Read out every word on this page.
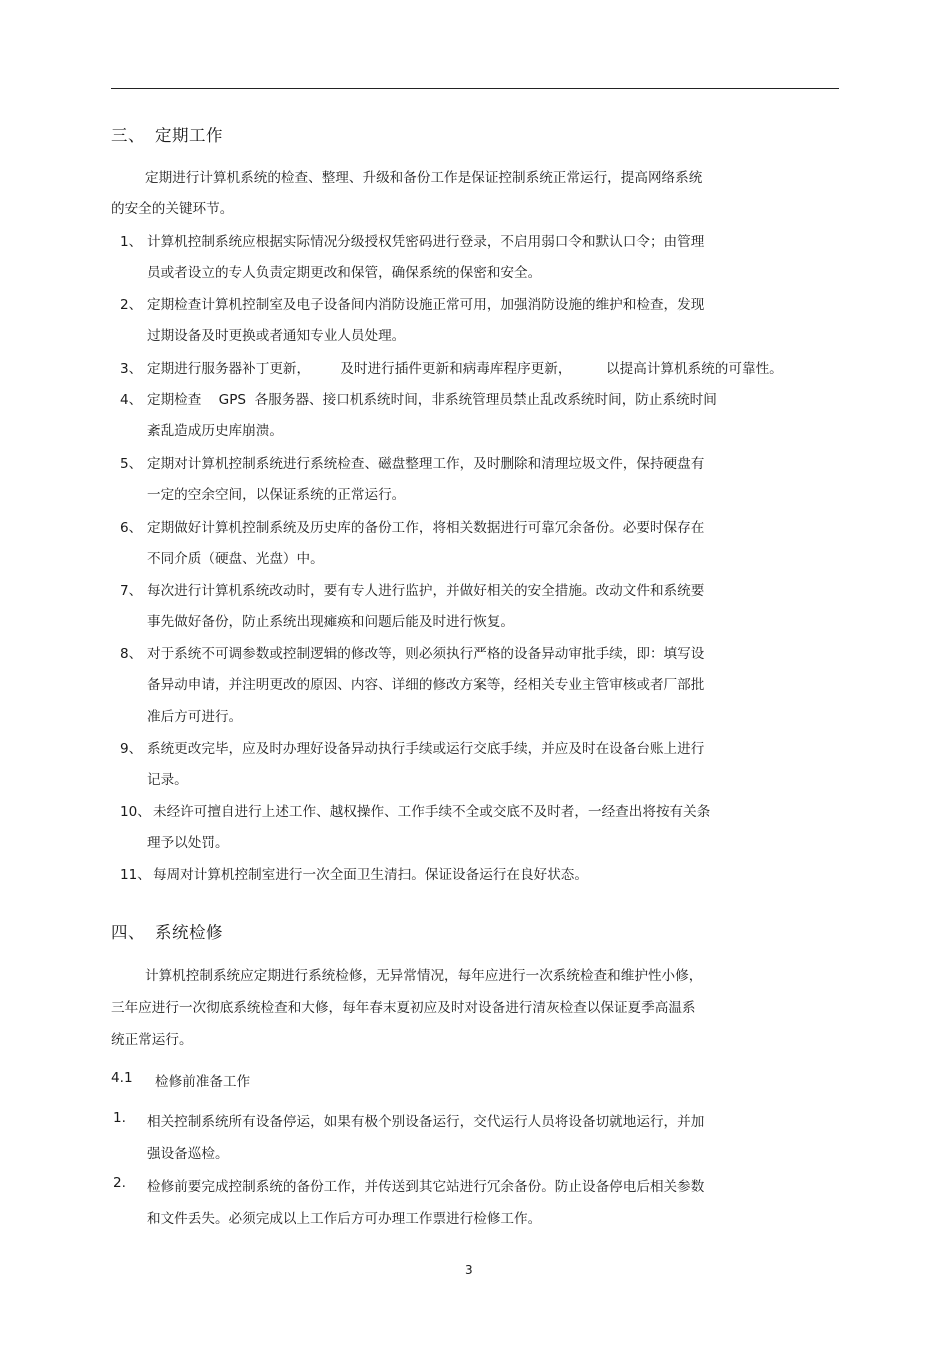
三、 定期工作
定期进行计算机系统的检查、整理、升级和备份工作是保证控制系统正常运行，提高网络系统
的安全的关键环节。
1、 计算机控制系统应根据实际情况分级授权凭密码进行登录，不启用弱口令和默认口令；由管理
员或者设立的专人负责定期更改和保管，确保系统的保密和安全。
2、 定期检查计算机控制室及电子设备间内消防设施正常可用，加强消防设施的维护和检查，发现
过期设备及时更换或者通知专业人员处理。
3、 定期进行服务器补丁更新，       及时进行插件更新和病毒库程序更新，        以提高计算机系统的可靠性。
4、 定期检查    GPS  各服务器、接口机系统时间，非系统管理员禁止乱改系统时间，防止系统时间
紊乱造成历史库崩溃。
5、 定期对计算机控制系统进行系统检查、磁盘整理工作，及时删除和清理垃圾文件，保持硬盘有
一定的空余空间，以保证系统的正常运行。
6、 定期做好计算机控制系统及历史库的备份工作，将相关数据进行可靠冗余备份。必要时保存在
不同介质（硬盘、光盘）中。
7、 每次进行计算机系统改动时，要有专人进行监护，并做好相关的安全措施。改动文件和系统要
事先做好备份，防止系统出现瘫痪和问题后能及时进行恢复。
8、 对于系统不可调参数或控制逻辑的修改等，则必须执行严格的设备异动审批手续，即：填写设
备异动申请，并注明更改的原因、内容、详细的修改方案等，经相关专业主管审核或者厂部批
准后方可进行。
9、 系统更改完毕，应及时办理好设备异动执行手续或运行交底手续，并应及时在设备台账上进行
记录。
10、 未经许可擅自进行上述工作、越权操作、工作手续不全或交底不及时者，一经查出将按有关条
理予以处罚。
11、 每周对计算机控制室进行一次全面卫生清扫。保证设备运行在良好状态。
四、 系统检修
计算机控制系统应定期进行系统检修，无异常情况，每年应进行一次系统检查和维护性小修，
三年应进行一次彻底系统检查和大修，每年春末夏初应及时对设备进行清灰检查以保证夏季高温系
统正常运行。
4.1 检修前准备工作
1. 相关控制系统所有设备停运，如果有极个别设备运行，交代运行人员将设备切就地运行，并加
强设备巡检。
2. 检修前要完成控制系统的备份工作，并传送到其它站进行冗余备份。防止设备停电后相关参数
和文件丢失。必须完成以上工作后方可办理工作票进行检修工作。
3
